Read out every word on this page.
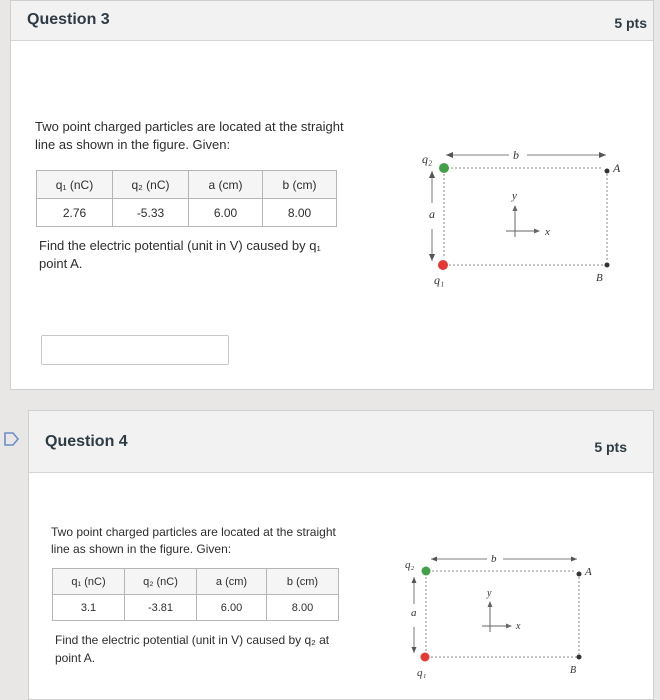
Question 3	5 pts
Two point charged particles are located at the straight
line as shown in the figure. Given:
q₁ (nC)	q₂ (nC)	a (cm)	b (cm)
2.76	-5.33	6.00	8.00
Find the electric potential (unit in V) caused by q₁
point A.
q₂	b
A
a
q₁	B
y
x
Question 4	5 pts
Two point charged particles are located at the straight
line as shown in the figure. Given:
q₁ (nC)	q₂ (nC)	a (cm)	b (cm)
3.1	-3.81	6.00	8.00
Find the electric potential (unit in V) caused by q₂ at
point A.
q₂	b
A
a
q₁	B
y
x
